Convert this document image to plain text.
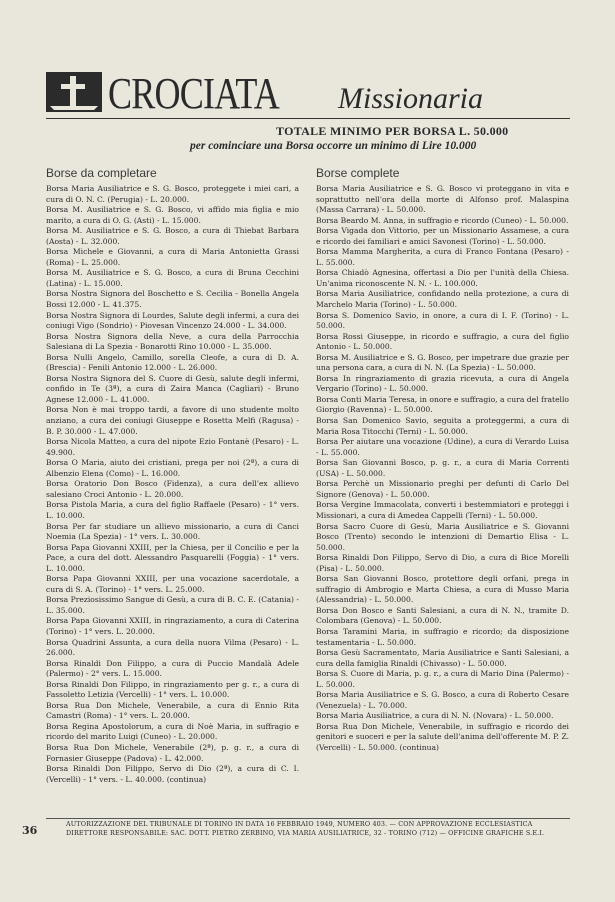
CROCIATA Missionaria
TOTALE MINIMO PER BORSA L. 50.000
per cominciare una Borsa occorre un minimo di Lire 10.000
Borse da completare	Borse complete

Borsa Maria Ausiliatrice e S. G. Bosco, proteggete i miei cari, a cura di O. N. C. (Perugia) - L. 20.000.

Borsa M. Ausiliatrice e S. G. Bosco, vi affido mia figlia e mio marito, a cura di O. G. (Asti) - L. 15.000.

Borsa M. Ausiliatrice e S. G. Bosco, a cura di Thiebat Barbara (Aosta) - L. 32.000.

Borsa Michele e Giovanni, a cura di Maria Antonietta Grassi (Roma) - L. 25.000.

Borsa M. Ausiliatrice e S. G. Bosco, a cura di Bruna Cecchini (Latina) - L. 15.000.

Borsa Nostra Signora del Boschetto e S. Cecilia - Bonella Angela Bossi 12.000 - L. 41.375.

Borsa Nostra Signora di Lourdes, Salute degli infermi, a cura dei coniugi Vigo (Sondrio) - Piovesan Vincenzo 24.000 - L. 34.000.

Borsa Nostra Signora della Neve, a cura della Parrocchia Salesiana di La Spezia - Bonarotti Rino 10.000 - L. 35.000.

Borsa Nulli Angelo, Camillo, sorella Cleofe, a cura di D. A. (Brescia) - Fenili Antonio 12.000 - L. 26.000.

Borsa Nostra Signora del S. Cuore di Gesù, salute degli infermi, confido in Te (3ª), a cura di Zaira Manca (Cagliari) - Bruno Agnese 12.000 - L. 41.000.

Borsa Non è mai troppo tardi, a favore di uno studente molto anziano, a cura dei coniugi Giuseppe e Rosetta Melfi (Ragusa) - B. P. 30.000 - L. 47.000.

Borsa Nicola Matteo, a cura del nipote Ezio Fontanè (Pesaro) - L. 49.900.

Borsa O Maria, aiuto dei cristiani, prega per noi (2ª), a cura di Albenzio Elena (Como) - L. 16.000.

Borsa Oratorio Don Bosco (Fidenza), a cura dell'ex allievo salesiano Croci Antonio - L. 20.000.

Borsa Pistola Maria, a cura del figlio Raffaele (Pesaro) - 1° vers. L. 10.000.

Borsa Per far studiare un allievo missionario, a cura di Canci Noemia (La Spezia) - 1° vers. L. 30.000.

Borsa Papa Giovanni XXIII, per la Chiesa, per il Concilio e per la Pace, a cura del dott. Alessandro Pasquarelli (Foggia) - 1° vers. L. 10.000.

Borsa Papa Giovanni XXIII, per una vocazione sacerdotale, a cura di S. A. (Torino) - 1° vers. L. 25.000.

Borsa Preziosissimo Sangue di Gesù, a cura di B. C. E. (Catania) - L. 35.000.

Borsa Papa Giovanni XXIII, in ringraziamento, a cura di Caterina (Torino) - 1° vers. L. 20.000.

Borsa Quadrini Assunta, a cura della nuora Vilma (Pesaro) - L. 26.000.

Borsa Rinaldi Don Filippo, a cura di Puccio Mandalà Adele (Palermo) - 2° vers. L. 15.000.

Borsa Rinaldi Don Filippo, in ringraziamento per g. r., a cura di Fassoletto Letizia (Vercelli) - 1° vers. L. 10.000.

Borsa Rua Don Michele, Venerabile, a cura di Ennio Rita Camastri (Roma) - 1° vers. L. 20.000.

Borsa Regina Apostolorum, a cura di Noè Maria, in suffragio e ricordo del marito Luigi (Cuneo) - L. 20.000.

Borsa Rua Don Michele, Venerabile (2ª), p. g. r., a cura di Fornasier Giuseppe (Padova) - L. 42.000.

Borsa Rinaldi Don Filippo, Servo di Dio (2ª), a cura di C. I. (Vercelli) - 1° vers. - L. 40.000. (continua)

Borsa Maria Ausiliatrice e S. G. Bosco vi proteggano in vita e soprattutto nell'ora della morte di Alfonso prof. Malaspina (Massa Carrara) - L. 50.000.

Borsa Beardo M. Anna, in suffragio e ricordo (Cuneo) - L. 50.000.

Borsa Vigada don Vittorio, per un Missionario Assamese, a cura e ricordo dei familiari e amici Savonesi (Torino) - L. 50.000.

Borsa Mamma Margherita, a cura di Franco Fontana (Pesaro) - L. 55.000.

Borsa Chiadò Agnesina, offertasi a Dio per l'unità della Chiesa. Un'anima riconoscente N. N. - L. 100.000.

Borsa Maria Ausiliatrice, confidando nella protezione, a cura di Marchelo Maria (Torino) - L. 50.000.

Borsa S. Domenico Savio, in onore, a cura di I. F. (Torino) - L. 50.000.

Borsa Rossi Giuseppe, in ricordo e suffragio, a cura del figlio Antonio - L. 50.000.

Borsa M. Ausiliatrice e S. G. Bosco, per impetrare due grazie per una persona cara, a cura di N. N. (La Spezia) - L. 50.000.

Borsa In ringraziamento di grazia ricevuta, a cura di Angela Vergario (Torino) - L. 50.000.

Borsa Conti Maria Teresa, in onore e suffragio, a cura del fratello Giorgio (Ravenna) - L. 50.000.

Borsa San Domenico Savio, seguita a proteggermi, a cura di Maria Rosa Titocchi (Terni) - L. 50.000.

Borsa Per aiutare una vocazione (Udine), a cura di Verardo Luisa - L. 55.000.

Borsa San Giovanni Bosco, p. g. r., a cura di Maria Correnti (USA) - L. 50.000.

Borsa Perchè un Missionario preghi per defunti di Carlo Del Signore (Genova) - L. 50.000.

Borsa Vergine Immacolata, converti i bestemmiatori e proteggi i Missionari, a cura di Amedea Cappelli (Terni) - L. 50.000.

Borsa Sacro Cuore di Gesù, Maria Ausiliatrice e S. Giovanni Bosco (Trento) secondo le intenzioni di Demartio Elisa - L. 50.000.

Borsa Rinaldi Don Filippo, Servo di Dio, a cura di Bice Morelli (Pisa) - L. 50.000.

Borsa San Giovanni Bosco, protettore degli orfani, prega in suffragio di Ambrogio e Marta Chiesa, a cura di Musso Maria (Alessandria) - L. 50.000.

Borsa Don Bosco e Santi Salesiani, a cura di N. N., tramite D. Colombara (Genova) - L. 50.000.

Borsa Taramini Maria, in suffragio e ricordo; da disposizione testamentaria - L. 50.000.

Borsa Gesù Sacramentato, Maria Ausiliatrice e Santi Salesiani, a cura della famiglia Rinaldi (Chivasso) - L. 50.000.

Borsa S. Cuore di Maria, p. g. r., a cura di Mario Dina (Palermo) - L. 50.000.

Borsa Maria Ausiliatrice e S. G. Bosco, a cura di Roberto Cesare (Venezuela) - L. 70.000.

Borsa Maria Ausiliatrice, a cura di N. N. (Novara) - L. 50.000.

Borsa Rua Don Michele, Venerabile, in suffragio e ricordo dei genitori e suoceri e per la salute dell'anima dell'offerente M. P. Z. (Vercelli) - L. 50.000. (continua)

36	AUTORIZZAZIONE DEL TRIBUNALE DI TORINO IN DATA 16 FEBBRAIO 1949, NUMERO 403. — CON APPROVAZIONE ECCLESIASTICA
DIRETTORE RESPONSABILE: SAC. DOTT. PIETRO ZERBINO, VIA MARIA AUSILIATRICE, 32 - TORINO (712) — OFFICINE GRAFICHE S.E.I.
